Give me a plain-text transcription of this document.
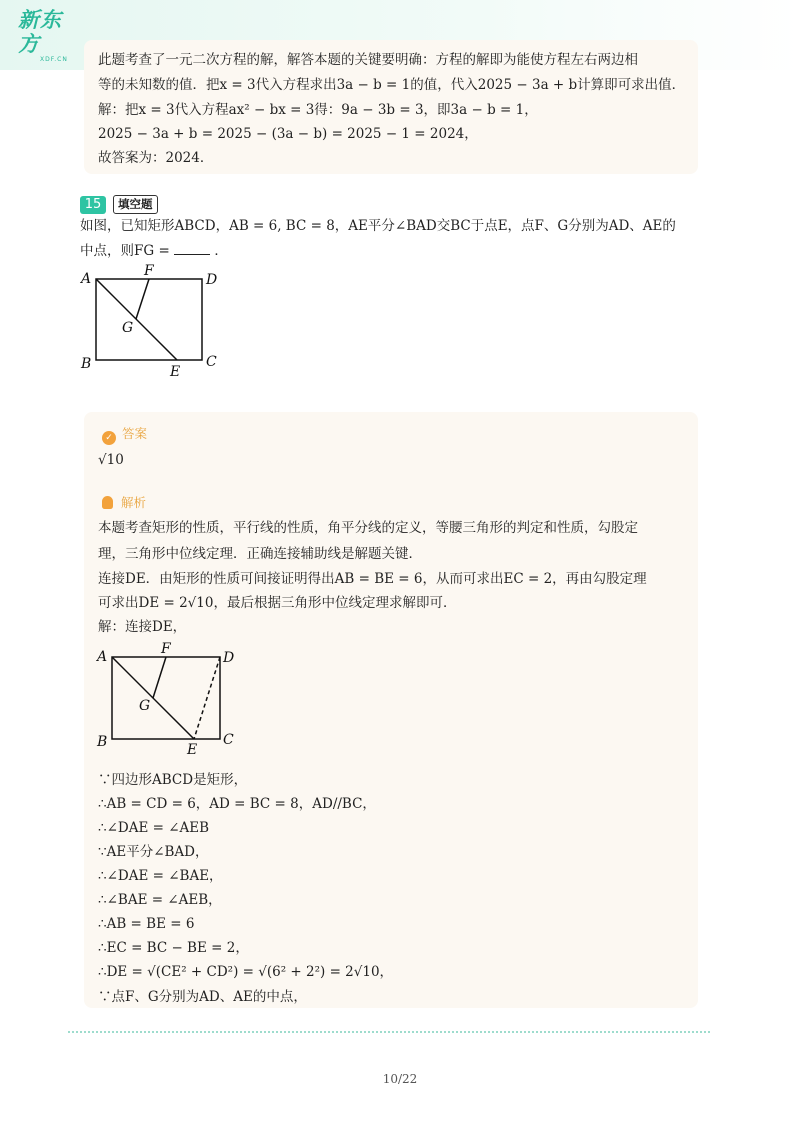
新东方
XDF.CN	此题考查了一元二次方程的解，解答本题的关键要明确：方程的解即为能使方程左右两边相
等的未知数的值．把x = 3代入方程求出3a − b = 1的值，代入2025 − 3a + b计算即可求出值．
解：把x = 3代入方程ax² − bx = 3得：9a − 3b = 3，即3a − b = 1，
2025 − 3a + b = 2025 − (3a − b) = 2025 − 1 = 2024，
故答案为：2024．
15	填空题
如图，已知矩形ABCD，AB = 6, BC = 8，AE平分∠BAD交BC于点E，点F、G分别为AD、AE的
中点，则FG =	．
A	F
D
G
B	C
E
✓ 答案
√10
解析
本题考查矩形的性质，平行线的性质，角平分线的定义，等腰三角形的判定和性质，勾股定
理，三角形中位线定理．正确连接辅助线是解题关键．
连接DE．由矩形的性质可间接证明得出AB = BE = 6，从而可求出EC = 2，再由勾股定理
可求出DE = 2√10，最后根据三角形中位线定理求解即可．
解：连接DE，
A	F
D
G
B	C
E
∵四边形ABCD是矩形，
∴AB = CD = 6，AD = BC = 8，AD//BC，
∴∠DAE = ∠AEB
∵AE平分∠BAD，
∴∠DAE = ∠BAE，
∴∠BAE = ∠AEB，
∴AB = BE = 6
∴EC = BC − BE = 2，
∴DE = √(CE² + CD²) = √(6² + 2²) = 2√10，
∵点F、G分别为AD、AE的中点，
10/22
